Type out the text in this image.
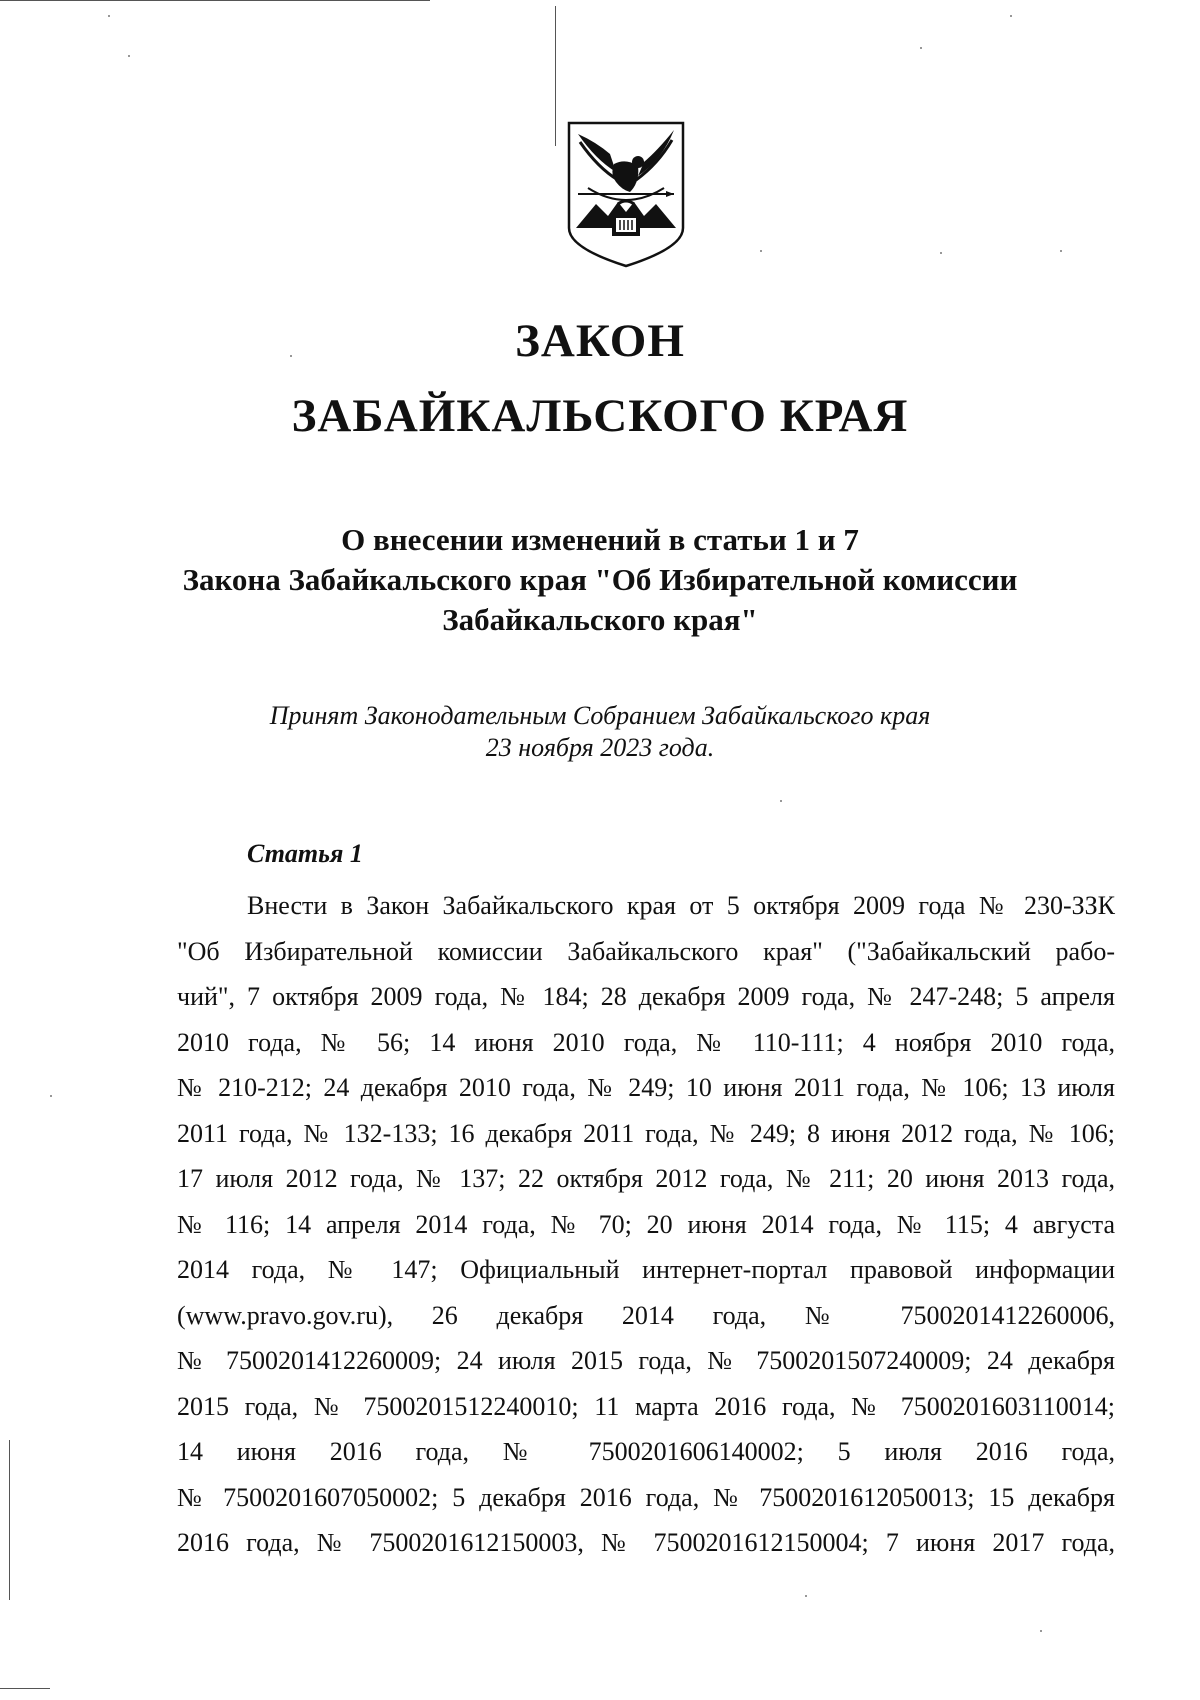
ЗАКОН
ЗАБАЙКАЛЬСКОГО КРАЯ
О внесении изменений в статьи 1 и 7
Закона Забайкальского края "Об Избирательной комиссии
Забайкальского края"
Принят Законодательным Собранием Забайкальского края
23 ноября 2023 года.
Статья 1
Внести в Закон Забайкальского края от 5 октября 2009 года № 230-ЗЗК
"Об Избирательной комиссии Забайкальского края" ("Забайкальский рабо-
чий", 7 октября 2009 года, № 184; 28 декабря 2009 года, № 247-248; 5 апреля
2010 года, № 56; 14 июня 2010 года, № 110-111; 4 ноября 2010 года,
№ 210-212; 24 декабря 2010 года, № 249; 10 июня 2011 года, № 106; 13 июля
2011 года, № 132-133; 16 декабря 2011 года, № 249; 8 июня 2012 года, № 106;
17 июля 2012 года, № 137; 22 октября 2012 года, № 211; 20 июня 2013 года,
№ 116; 14 апреля 2014 года, № 70; 20 июня 2014 года, № 115; 4 августа
2014 года, № 147; Официальный интернет-портал правовой информации
(www.pravo.gov.ru), 26 декабря 2014 года, № 7500201412260006,
№ 7500201412260009; 24 июля 2015 года, № 7500201507240009; 24 декабря
2015 года, № 7500201512240010; 11 марта 2016 года, № 7500201603110014;
14 июня 2016 года, № 7500201606140002; 5 июля 2016 года,
№ 7500201607050002; 5 декабря 2016 года, № 7500201612050013; 15 декабря
2016 года, № 7500201612150003, № 7500201612150004; 7 июня 2017 года,
